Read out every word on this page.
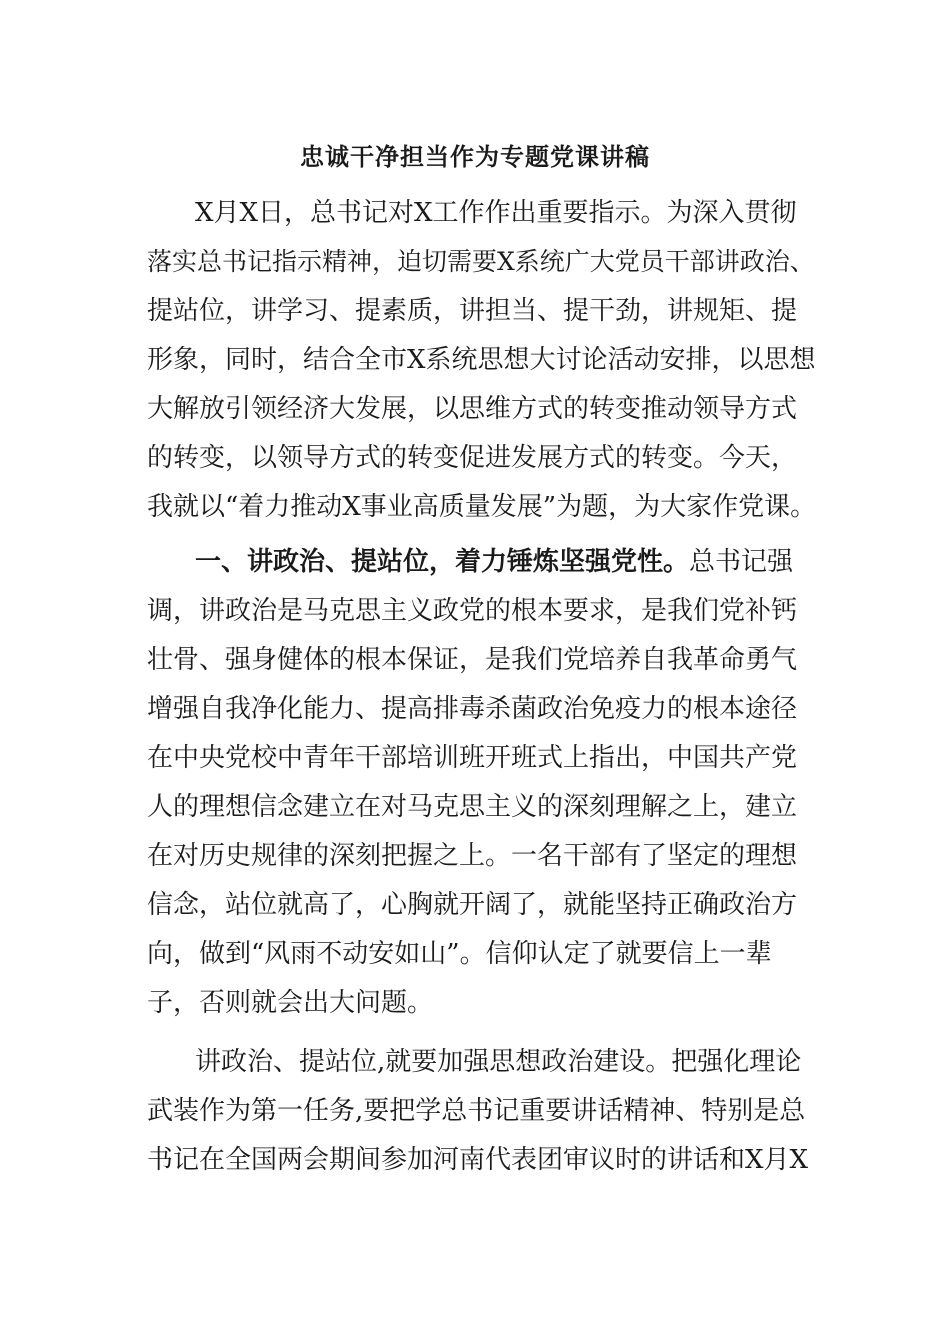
忠诚干净担当作为专题党课讲稿
X月X日，总书记对X工作作出重要指示。为深入贯彻
落实总书记指示精神，迫切需要X系统广大党员干部讲政治、
提站位，讲学习、提素质，讲担当、提干劲，讲规矩、提
形象，同时，结合全市X系统思想大讨论活动安排，以思想
大解放引领经济大发展，以思维方式的转变推动领导方式
的转变，以领导方式的转变促进发展方式的转变。今天，
我就以“着力推动X事业高质量发展”为题，为大家作党课。
一、讲政治、提站位，着力锤炼坚强党性。总书记强
调，讲政治是马克思主义政党的根本要求，是我们党补钙
壮骨、强身健体的根本保证，是我们党培养自我革命勇气
增强自我净化能力、提高排毒杀菌政治免疫力的根本途径
在中央党校中青年干部培训班开班式上指出，中国共产党
人的理想信念建立在对马克思主义的深刻理解之上，建立
在对历史规律的深刻把握之上。一名干部有了坚定的理想
信念，站位就高了，心胸就开阔了，就能坚持正确政治方
向，做到“风雨不动安如山”。信仰认定了就要信上一辈
子，否则就会出大问题。
讲政治、提站位,就要加强思想政治建设。把强化理论
武装作为第一任务,要把学总书记重要讲话精神、特别是总
书记在全国两会期间参加河南代表团审议时的讲话和X月X
